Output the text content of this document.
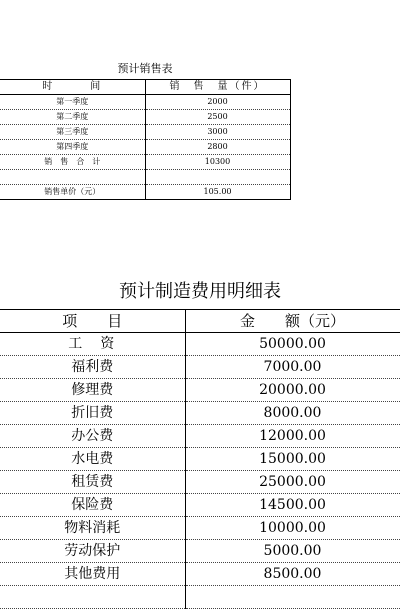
预计销售表
时　　　间	销　售　量（件）
第一季度	2000
第二季度	2500
第三季度	3000
第四季度	2800
销　售　合　计	10300

销售单价（元）	105.00
预计制造费用明细表
项　　目	金　　额（元）
工　资	50000.00
福利费	7000.00
修理费	20000.00
折旧费	8000.00
办公费	12000.00
水电费	15000.00
租赁费	25000.00
保险费	14500.00
物料消耗	10000.00
劳动保护	5000.00
其他费用	8500.00
